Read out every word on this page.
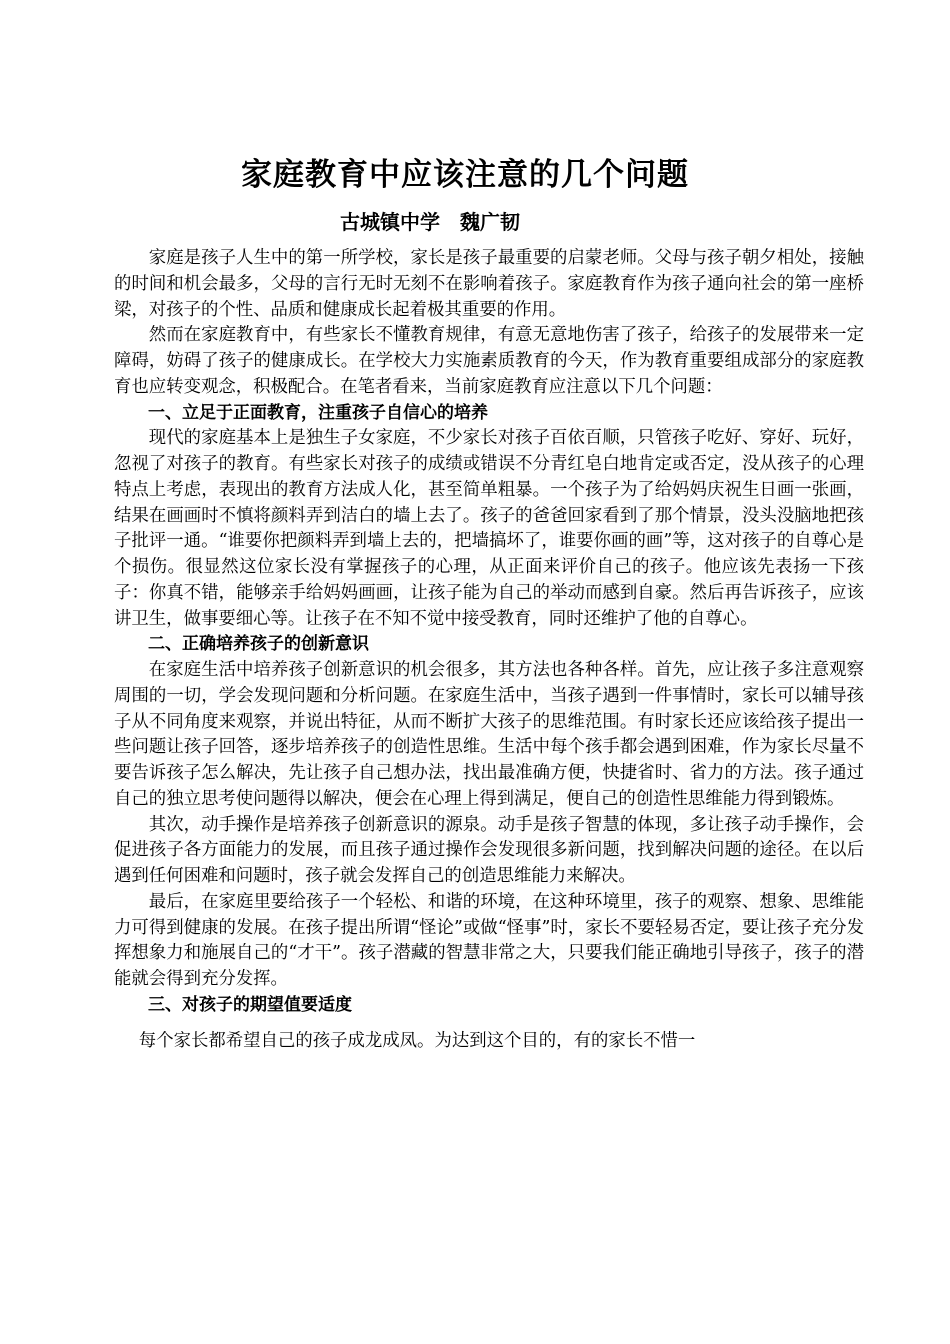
家庭教育中应该注意的几个问题

古城镇中学　魏广韧

家庭是孩子人生中的第一所学校，家长是孩子最重要的启蒙老师。父母与孩子朝夕相处，接触的时间和机会最多，父母的言行无时无刻不在影响着孩子。家庭教育作为孩子通向社会的第一座桥梁，对孩子的个性、品质和健康成长起着极其重要的作用。

然而在家庭教育中，有些家长不懂教育规律，有意无意地伤害了孩子，给孩子的发展带来一定障碍，妨碍了孩子的健康成长。在学校大力实施素质教育的今天，作为教育重要组成部分的家庭教育也应转变观念，积极配合。在笔者看来，当前家庭教育应注意以下几个问题：

一、立足于正面教育，注重孩子自信心的培养

现代的家庭基本上是独生子女家庭，不少家长对孩子百依百顺，只管孩子吃好、穿好、玩好，忽视了对孩子的教育。有些家长对孩子的成绩或错误不分青红皂白地肯定或否定，没从孩子的心理特点上考虑，表现出的教育方法成人化，甚至简单粗暴。一个孩子为了给妈妈庆祝生日画一张画，结果在画画时不慎将颜料弄到洁白的墙上去了。孩子的爸爸回家看到了那个情景，没头没脑地把孩子批评一通。“谁要你把颜料弄到墙上去的，把墙搞坏了，谁要你画的画”等，这对孩子的自尊心是个损伤。很显然这位家长没有掌握孩子的心理，从正面来评价自己的孩子。他应该先表扬一下孩子：你真不错，能够亲手给妈妈画画，让孩子能为自己的举动而感到自豪。然后再告诉孩子，应该讲卫生，做事要细心等。让孩子在不知不觉中接受教育，同时还维护了他的自尊心。

二、正确培养孩子的创新意识

在家庭生活中培养孩子创新意识的机会很多，其方法也各种各样。首先，应让孩子多注意观察周围的一切，学会发现问题和分析问题。在家庭生活中，当孩子遇到一件事情时，家长可以辅导孩子从不同角度来观察，并说出特征，从而不断扩大孩子的思维范围。有时家长还应该给孩子提出一些问题让孩子回答，逐步培养孩子的创造性思维。生活中每个孩手都会遇到困难，作为家长尽量不要告诉孩子怎么解决，先让孩子自己想办法，找出最准确方便，快捷省时、省力的方法。孩子通过自己的独立思考使问题得以解决，便会在心理上得到满足，便自己的创造性思维能力得到锻炼。

其次，动手操作是培养孩子创新意识的源泉。动手是孩子智慧的体现，多让孩子动手操作，会促进孩子各方面能力的发展，而且孩子通过操作会发现很多新问题，找到解决问题的途径。在以后遇到任何困难和问题时，孩子就会发挥自己的创造思维能力来解决。

最后，在家庭里要给孩子一个轻松、和谐的环境，在这种环境里，孩子的观察、想象、思维能力可得到健康的发展。在孩子提出所谓“怪论”或做“怪事”时，家长不要轻易否定，要让孩子充分发挥想象力和施展自己的“才干”。孩子潜藏的智慧非常之大，只要我们能正确地引导孩子，孩子的潜能就会得到充分发挥。

三、对孩子的期望值要适度

每个家长都希望自己的孩子成龙成凤。为达到这个目的，有的家长不惜一
